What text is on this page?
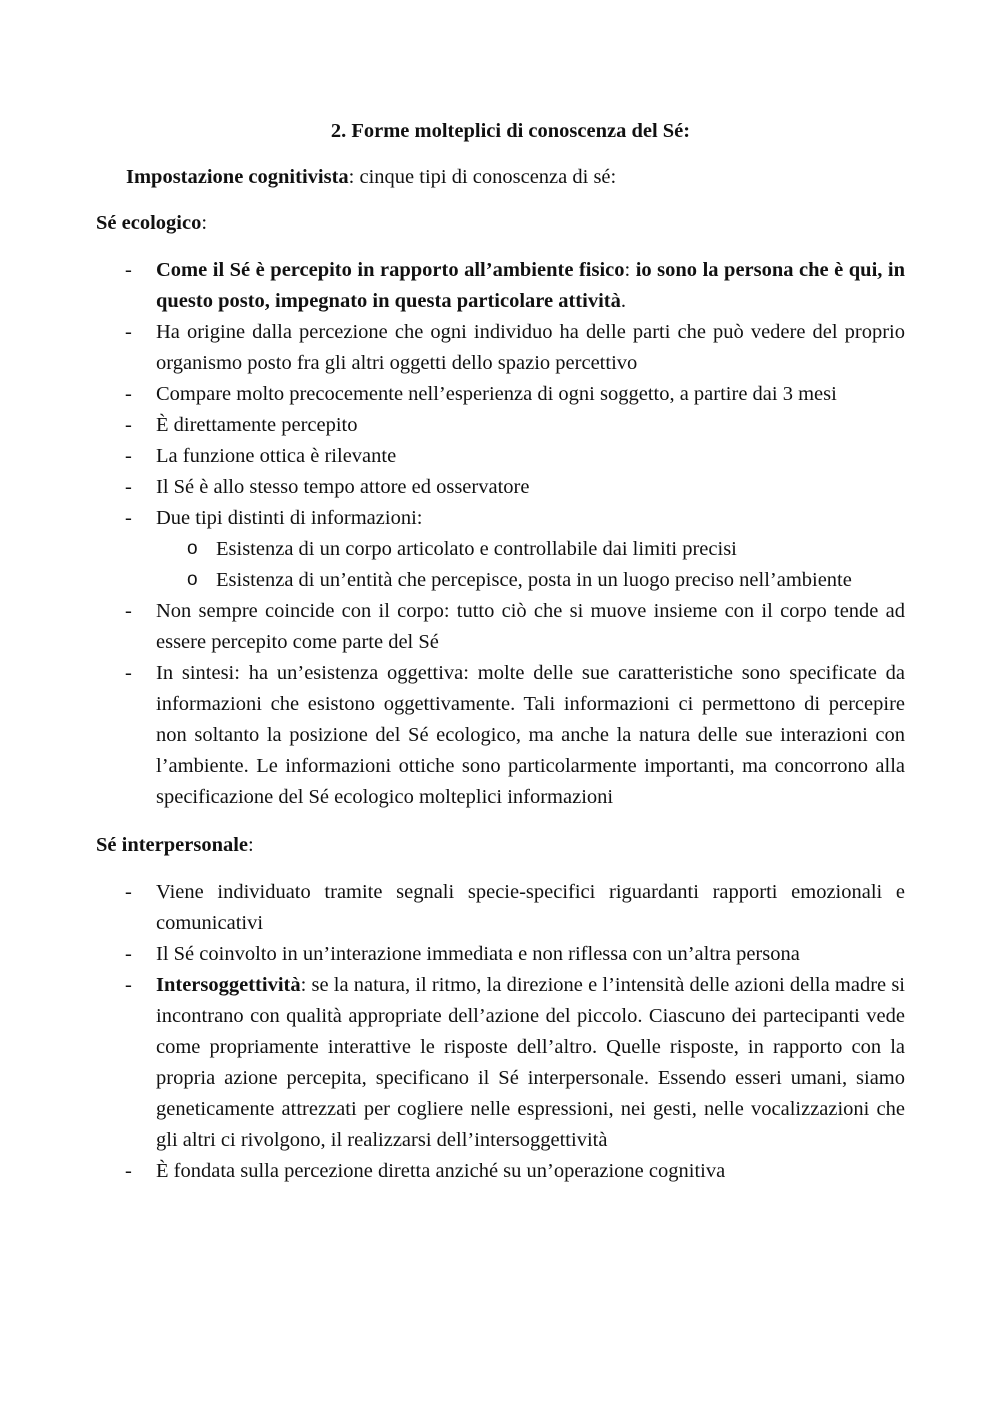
2. Forme molteplici di conoscenza del Sé:

Impostazione cognitivista: cinque tipi di conoscenza di sé:

Sé ecologico:

- Come il Sé è percepito in rapporto all’ambiente fisico: io sono la persona che è qui, in questo posto, impegnato in questa particolare attività.
- Ha origine dalla percezione che ogni individuo ha delle parti che può vedere del proprio organismo posto fra gli altri oggetti dello spazio percettivo
- Compare molto precocemente nell’esperienza di ogni soggetto, a partire dai 3 mesi
- È direttamente percepito
- La funzione ottica è rilevante
- Il Sé è allo stesso tempo attore ed osservatore
- Due tipi distinti di informazioni:
o Esistenza di un corpo articolato e controllabile dai limiti precisi
o Esistenza di un’entità che percepisce, posta in un luogo preciso nell’ambiente
- Non sempre coincide con il corpo: tutto ciò che si muove insieme con il corpo tende ad essere percepito come parte del Sé
- In sintesi: ha un’esistenza oggettiva: molte delle sue caratteristiche sono specificate da informazioni che esistono oggettivamente. Tali informazioni ci permettono di percepire non soltanto la posizione del Sé ecologico, ma anche la natura delle sue interazioni con l’ambiente. Le informazioni ottiche sono particolarmente importanti, ma concorrono alla specificazione del Sé ecologico molteplici informazioni

Sé interpersonale:

- Viene individuato tramite segnali specie-specifici riguardanti rapporti emozionali e comunicativi
- Il Sé coinvolto in un’interazione immediata e non riflessa con un’altra persona
- Intersoggettività: se la natura, il ritmo, la direzione e l’intensità delle azioni della madre si incontrano con qualità appropriate dell’azione del piccolo. Ciascuno dei partecipanti vede come propriamente interattive le risposte dell’altro. Quelle risposte, in rapporto con la propria azione percepita, specificano il Sé interpersonale. Essendo esseri umani, siamo geneticamente attrezzati per cogliere nelle espressioni, nei gesti, nelle vocalizzazioni che gli altri ci rivolgono, il realizzarsi dell’intersoggettività
- È fondata sulla percezione diretta anziché su un’operazione cognitiva
